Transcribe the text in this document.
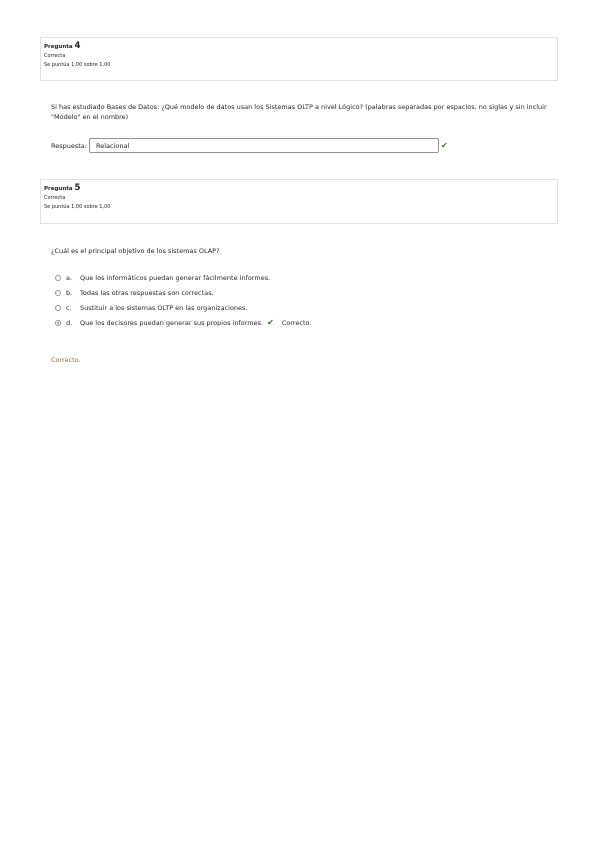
Pregunta 4
Correcta
Se puntúa 1,00 sobre 1,00
Si has estudiado Bases de Datos: ¿Qué modelo de datos usan los Sistemas OLTP a nivel Lógico? (palabras separadas por espacios, no siglas y sin incluir "Modelo" en el nombre)
Respuesta: Relacional	✔
Pregunta 5
Correcta
Se puntúa 1,00 sobre 1,00
¿Cuál es el principal objetivo de los sistemas OLAP?
a.	Que los informáticos puedan generar fácilmente informes.
b.	Todas las otras respuestas son correctas.
c.	Sustituir a los sistemas OLTP en las organizaciones.
d.	Que los decisores puedan generar sus propios informes. ✔ Correcto.
Correcto.
